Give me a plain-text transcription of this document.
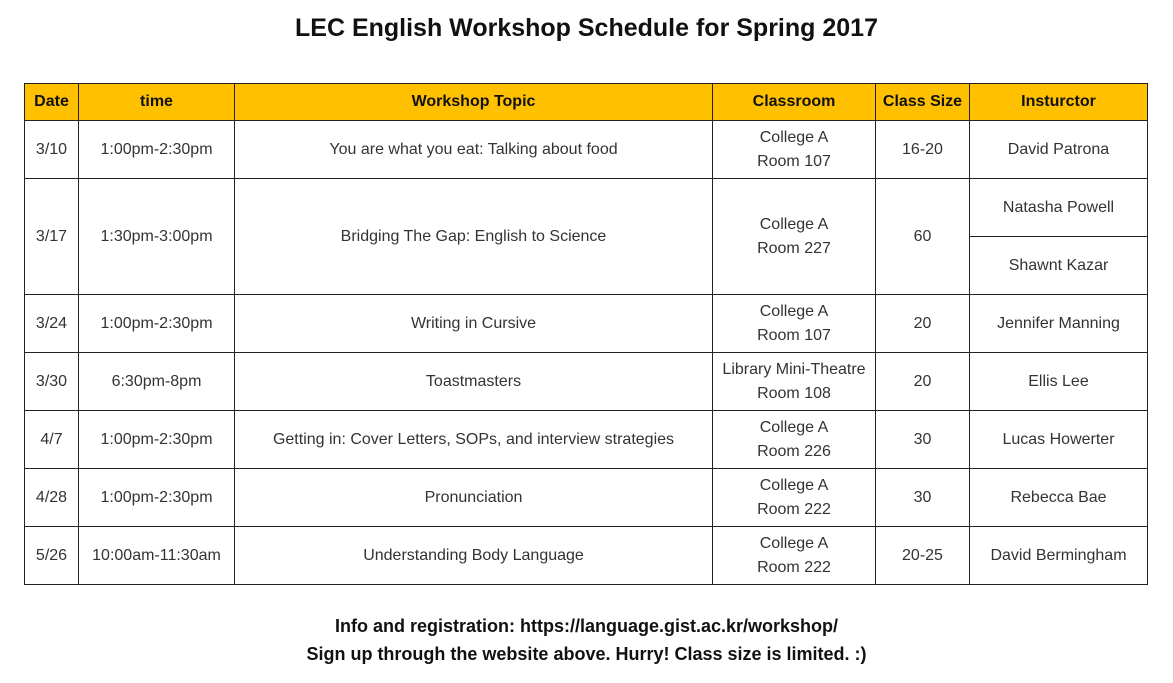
LEC English Workshop Schedule for Spring 2017
Date	time	Workshop Topic	Classroom	Class Size	Insturctor
3/10	1:00pm-2:30pm	You are what you eat: Talking about food	College A
Room 107	16-20	David Patrona
3/17	1:30pm-3:00pm	Bridging The Gap: English to Science	College A
Room 227	60	Natasha Powell
					Shawnt Kazar
3/24	1:00pm-2:30pm	Writing in Cursive	College A
Room 107	20	Jennifer Manning
3/30	6:30pm-8pm	Toastmasters	Library Mini-Theatre
Room 108	20	Ellis Lee
4/7	1:00pm-2:30pm	Getting in: Cover Letters, SOPs, and interview strategies	College A
Room 226	30	Lucas Howerter
4/28	1:00pm-2:30pm	Pronunciation	College A
Room 222	30	Rebecca Bae
5/26	10:00am-11:30am	Understanding Body Language	College A
Room 222	20-25	David Bermingham
Info and registration: https://language.gist.ac.kr/workshop/
Sign up through the website above. Hurry! Class size is limited. :)
